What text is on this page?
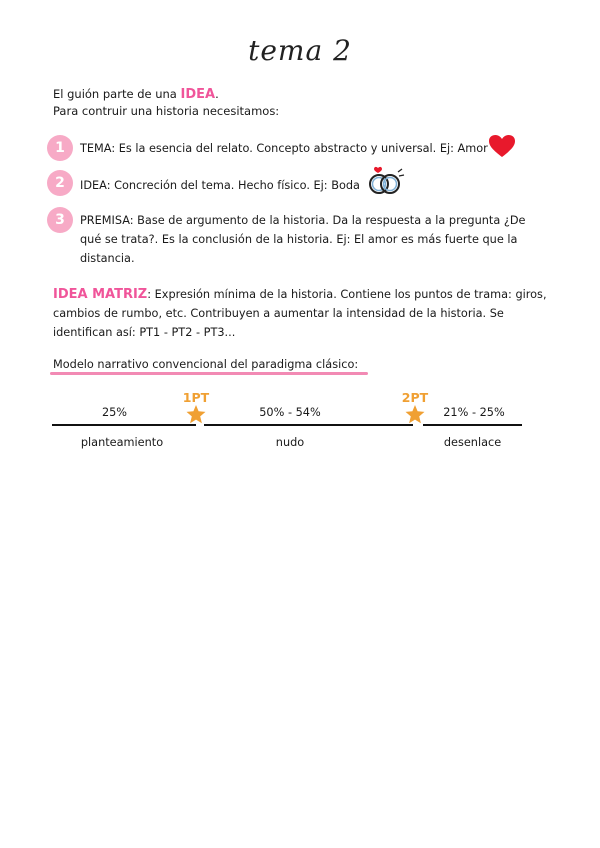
tema 2
El guión parte de una IDEA.
Para contruir una historia necesitamos:
1	TEMA: Es la esencia del relato. Concepto abstracto y universal. Ej: Amor
2	IDEA: Concreción del tema. Hecho físico. Ej: Boda
3	PREMISA: Base de argumento de la historia. Da la respuesta a la pregunta ¿De qué se trata?. Es la conclusión de la historia. Ej: El amor es más fuerte que la distancia.
IDEA MATRIZ: Expresión mínima de la historia. Contiene los puntos de trama: giros, cambios de rumbo, etc. Contribuyen a aumentar la intensidad de la historia. Se identifican así: PT1 - PT2 - PT3...
Modelo narrativo convencional del paradigma clásico:
25%	50% - 54%	21% - 25%
planteamiento	nudo	desenlace
1PT	2PT
